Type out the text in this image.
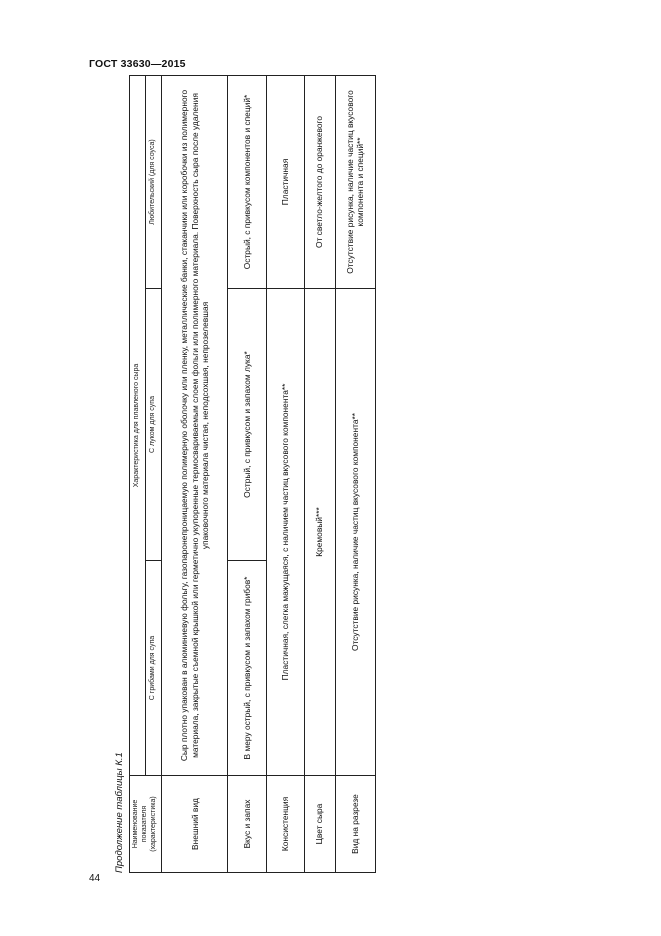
ГОСТ 33630—2015
Продолжение таблицы К.1	Наименование показателя (характеристика)	Характеристика для плавленого сыра		
	С грибами для супа	С луком для супа	Любительский (для соуса)
Внешний вид	Сыр плотно упакован в алюминиевую фольгу, газопаронепроницаемую полимерную оболочку или пленку, металлические банки, стаканчики или коробочки из полимерного материала, закрытые съемной крышкой или герметично укупоренные термосвариваемым слоем фольги или полимерного материала. Поверхность сыра после удаления упаковочного материала чистая, неподсохшая, непрозелевшая		
Вкус и запах	В меру острый, с привкусом и запахом грибов*	Острый, с привкусом и запахом лука*	Острый, с привкусом компонентов и специй*
Консистенция	Пластичная, слегка мажущаяся, с наличием частиц вкусового компонента**		Пластичная
Цвет сыра	Кремовый***		От светло-желтого до оранжевого
Вид на разрезе	Отсутствие рисунка, наличие частиц вкусового компонента**		Отсутствие рисунка, наличие частиц вкусового компонента и специй**
44
